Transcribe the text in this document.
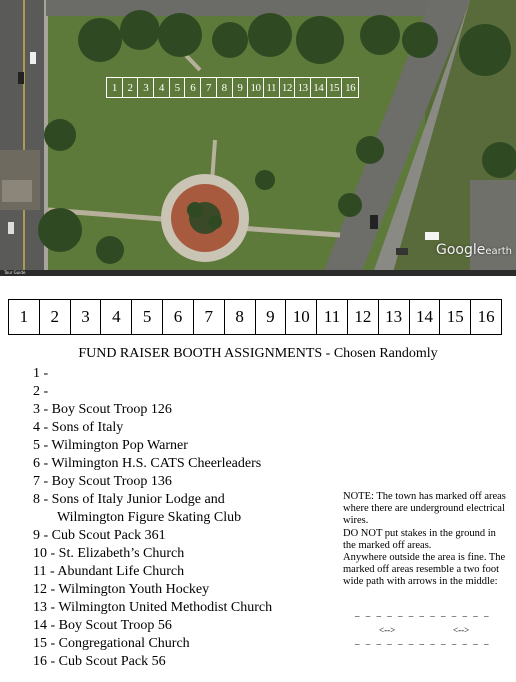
1 2 3 4 5 6 7 8 9 10 11 12 13 14 15 16
Googleearth
Tour Guide
1	2	3	4	5	6	7	8	9	10 11 12 13 14 15 16
FUND RAISER BOOTH ASSIGNMENTS - Chosen Randomly
1 -
2 -
3 - Boy Scout Troop 126
4 - Sons of Italy
5 - Wilmington Pop Warner
6 - Wilmington H.S. CATS Cheerleaders
7 - Boy Scout Troop 136
8 - Sons of Italy Junior Lodge and
Wilmington Figure Skating Club
9 - Cub Scout Pack 361
10 - St. Elizabeth’s Church
11 - Abundant Life Church
12 - Wilmington Youth Hockey
13 - Wilmington United Methodist Church
14 - Boy Scout Troop 56
15 - Congregational Church
16 - Cub Scout Pack 56

NOTE: The town has marked off areas where there are underground electrical wires.

DO NOT put stakes in the ground in the marked off areas.

Anywhere outside the area is fine. The marked off areas resemble a two foot wide path with arrows in the middle:

– – – – – – – – – – – – –
<-->	<-->
– – – – – – – – – – – – –
